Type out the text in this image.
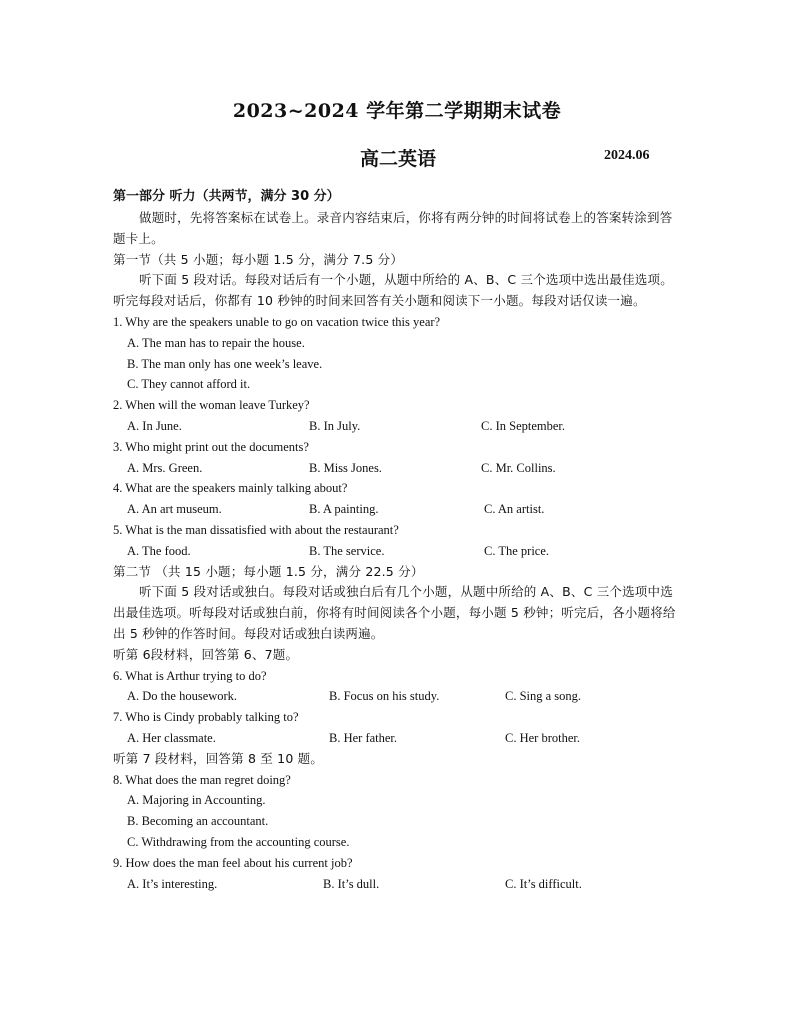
2023~2024 学年第二学期期末试卷
高二英语	2024.06
第一部分 听力（共两节，满分 30 分）
做题时，先将答案标在试卷上。录音内容结束后，你将有两分钟的时间将试卷上的答案转涂到答题卡上。
第一节（共 5 小题；每小题 1.5 分，满分 7.5 分）
听下面 5 段对话。每段对话后有一个小题，从题中所给的 A、B、C 三个选项中选出最佳选项。听完每段对话后，你都有 10 秒钟的时间来回答有关小题和阅读下一小题。每段对话仅读一遍。
1. Why are the speakers unable to go on vacation twice this year?
A. The man has to repair the house.
B. The man only has one week’s leave.
C. They cannot afford it.
2. When will the woman leave Turkey?
A. In June.	B. In July.	C. In September.
3. Who might print out the documents?
A. Mrs. Green.	B. Miss Jones.	C. Mr. Collins.
4. What are the speakers mainly talking about?
A. An art museum.	B. A painting.	C. An artist.
5. What is the man dissatisfied with about the restaurant?
A. The food.	B. The service.	C. The price.
第二节 （共 15 小题；每小题 1.5 分，满分 22.5 分）
听下面 5 段对话或独白。每段对话或独白后有几个小题，从题中所给的 A、B、C 三个选项中选出最佳选项。听每段对话或独白前，你将有时间阅读各个小题，每小题 5 秒钟；听完后，各小题将给出 5 秒钟的作答时间。每段对话或独白读两遍。
听第 6段材料，回答第 6、7题。
6. What is Arthur trying to do?
A. Do the housework.	B. Focus on his study.	C. Sing a song.
7. Who is Cindy probably talking to?
A. Her classmate.	B. Her father.	C. Her brother.
听第 7 段材料，回答第 8 至 10 题。
8. What does the man regret doing?
A. Majoring in Accounting.
B. Becoming an accountant.
C. Withdrawing from the accounting course.
9. How does the man feel about his current job?
A. It’s interesting.	B. It’s dull.	C. It’s difficult.
